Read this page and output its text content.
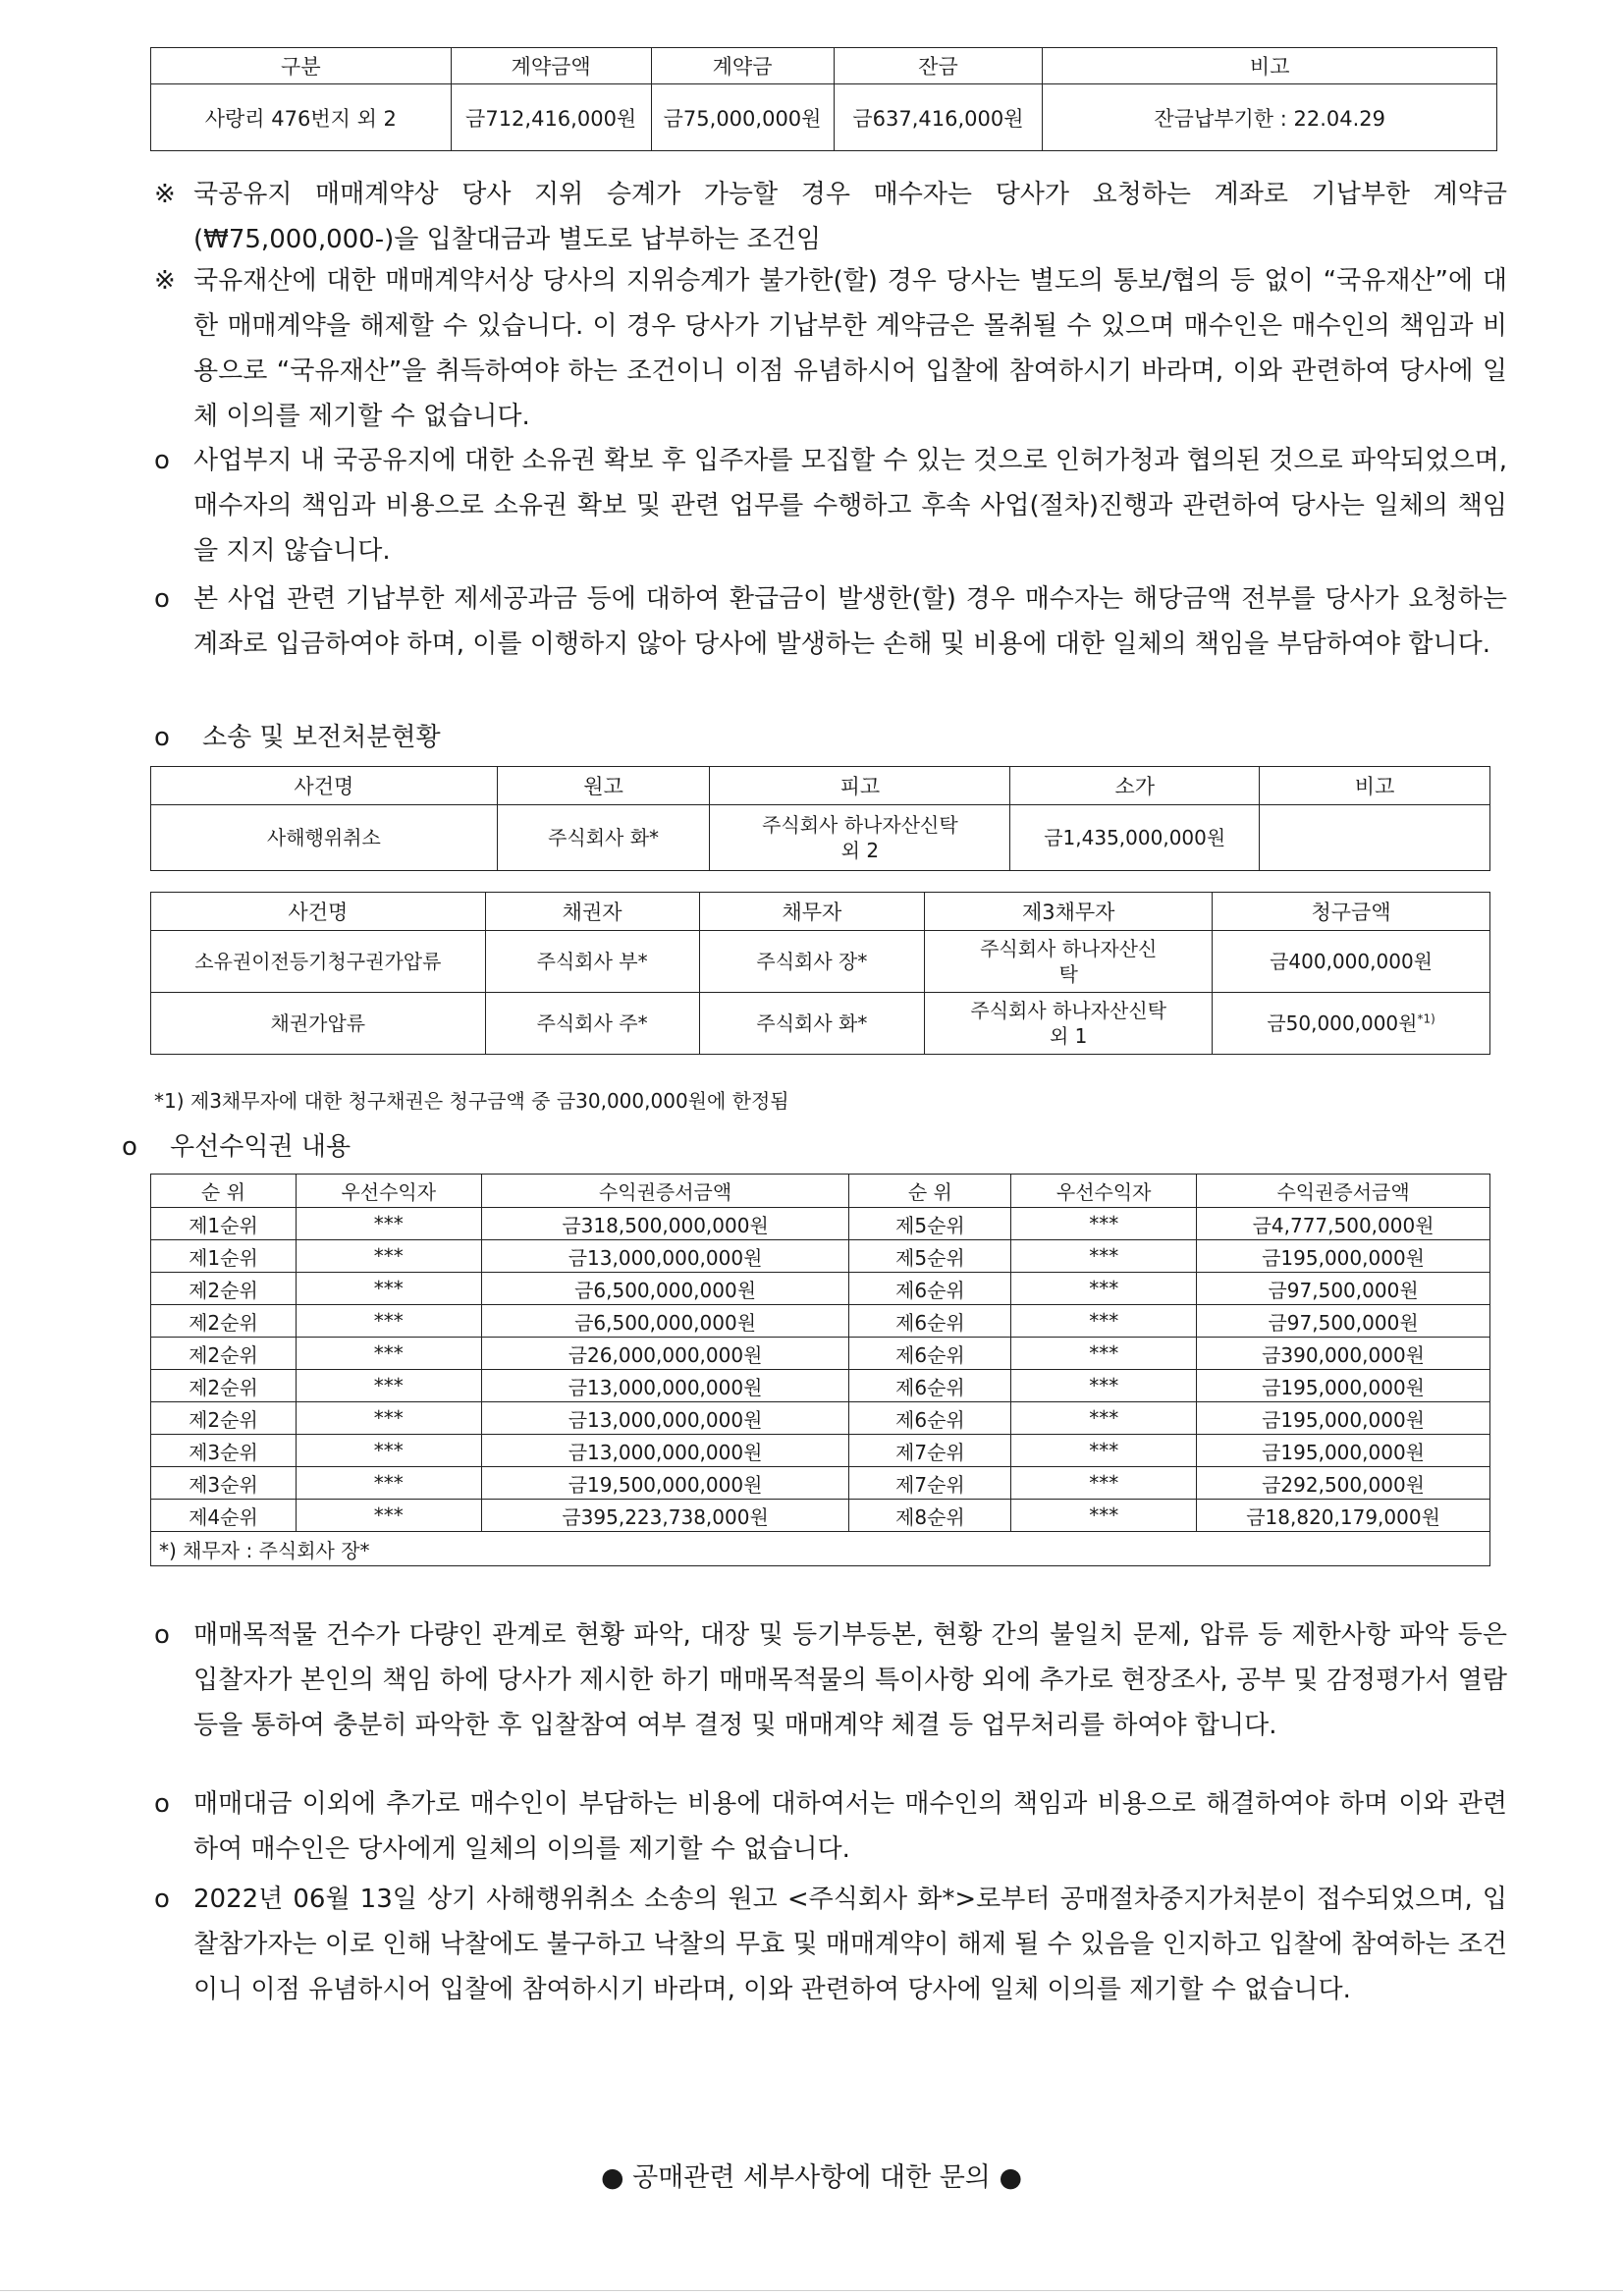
구분	계약금액	계약금	잔금	비고
사랑리 476번지 외 2	금712,416,000원	금75,000,000원	금637,416,000원	잔금납부기한 : 22.04.29
※ 국공유지 매매계약상 당사 지위 승계가 가능할 경우 매수자는 당사가 요청하는 계좌로 기납부한 계약금 (₩75,000,000-)을 입찰대금과 별도로 납부하는 조건임
※ 국유재산에 대한 매매계약서상 당사의 지위승계가 불가한(할) 경우 당사는 별도의 통보/협의 등 없이 “국유재산”에 대한 매매계약을 해제할 수 있습니다. 이 경우 당사가 기납부한 계약금은 몰취될 수 있으며 매수인은 매수인의 책임과 비용으로 “국유재산”을 취득하여야 하는 조건이니 이점 유념하시어 입찰에 참여하시기 바라며, 이와 관련하여 당사에 일체 이의를 제기할 수 없습니다.
o 사업부지 내 국공유지에 대한 소유권 확보 후 입주자를 모집할 수 있는 것으로 인허가청과 협의된 것으로 파악되었으며, 매수자의 책임과 비용으로 소유권 확보 및 관련 업무를 수행하고 후속 사업(절차)진행과 관련하여 당사는 일체의 책임을 지지 않습니다.
o 본 사업 관련 기납부한 제세공과금 등에 대하여 환급금이 발생한(할) 경우 매수자는 해당금액 전부를 당사가 요청하는 계좌로 입금하여야 하며, 이를 이행하지 않아 당사에 발생하는 손해 및 비용에 대한 일체의 책임을 부담하여야 합니다.
o 소송 및 보전처분현황
사건명	원고	피고	소가	비고
사해행위취소	주식회사 화*	주식회사 하나자산신탁 외 2	금1,435,000,000원	
사건명	채권자	채무자	제3채무자	청구금액
소유권이전등기청구권가압류	주식회사 부*	주식회사 장*	주식회사 하나자산신탁	금400,000,000원
채권가압류	주식회사 주*	주식회사 화*	주식회사 하나자산신탁 외 1	금50,000,000원$^{*1)}$
*1) 제3채무자에 대한 청구채권은 청구금액 중 금30,000,000원에 한정됨
o 우선수익권 내용
순 위	우선수익자	수익권증서금액	순 위	우선수익자	수익권증서금액
제1순위	***	금318,500,000,000원	제5순위	***	금4,777,500,000원
제1순위	***	금13,000,000,000원	제5순위	***	금195,000,000원
제2순위	***	금6,500,000,000원	제6순위	***	금97,500,000원
제2순위	***	금6,500,000,000원	제6순위	***	금97,500,000원
제2순위	***	금26,000,000,000원	제6순위	***	금390,000,000원
제2순위	***	금13,000,000,000원	제6순위	***	금195,000,000원
제2순위	***	금13,000,000,000원	제6순위	***	금195,000,000원
제3순위	***	금13,000,000,000원	제7순위	***	금195,000,000원
제3순위	***	금19,500,000,000원	제7순위	***	금292,500,000원
제4순위	***	금395,223,738,000원	제8순위	***	금18,820,179,000원
*) 채무자 : 주식회사 장*					
o 매매목적물 건수가 다량인 관계로 현황 파악, 대장 및 등기부등본, 현황 간의 불일치 문제, 압류 등 제한사항 파악 등은 입찰자가 본인의 책임 하에 당사가 제시한 하기 매매목적물의 특이사항 외에 추가로 현장조사, 공부 및 감정평가서 열람 등을 통하여 충분히 파악한 후 입찰참여 여부 결정 및 매매계약 체결 등 업무처리를 하여야 합니다.
o 매매대금 이외에 추가로 매수인이 부담하는 비용에 대하여서는 매수인의 책임과 비용으로 해결하여야 하며 이와 관련하여 매수인은 당사에게 일체의 이의를 제기할 수 없습니다.
o 2022년 06월 13일 상기 사해행위취소 소송의 원고 <주식회사 화*>로부터 공매절차중지가처분이 접수되었으며, 입찰참가자는 이로 인해 낙찰에도 불구하고 낙찰의 무효 및 매매계약이 해제 될 수 있음을 인지하고 입찰에 참여하는 조건이니 이점 유념하시어 입찰에 참여하시기 바라며, 이와 관련하여 당사에 일체 이의를 제기할 수 없습니다.
● 공매관련 세부사항에 대한 문의 ●
